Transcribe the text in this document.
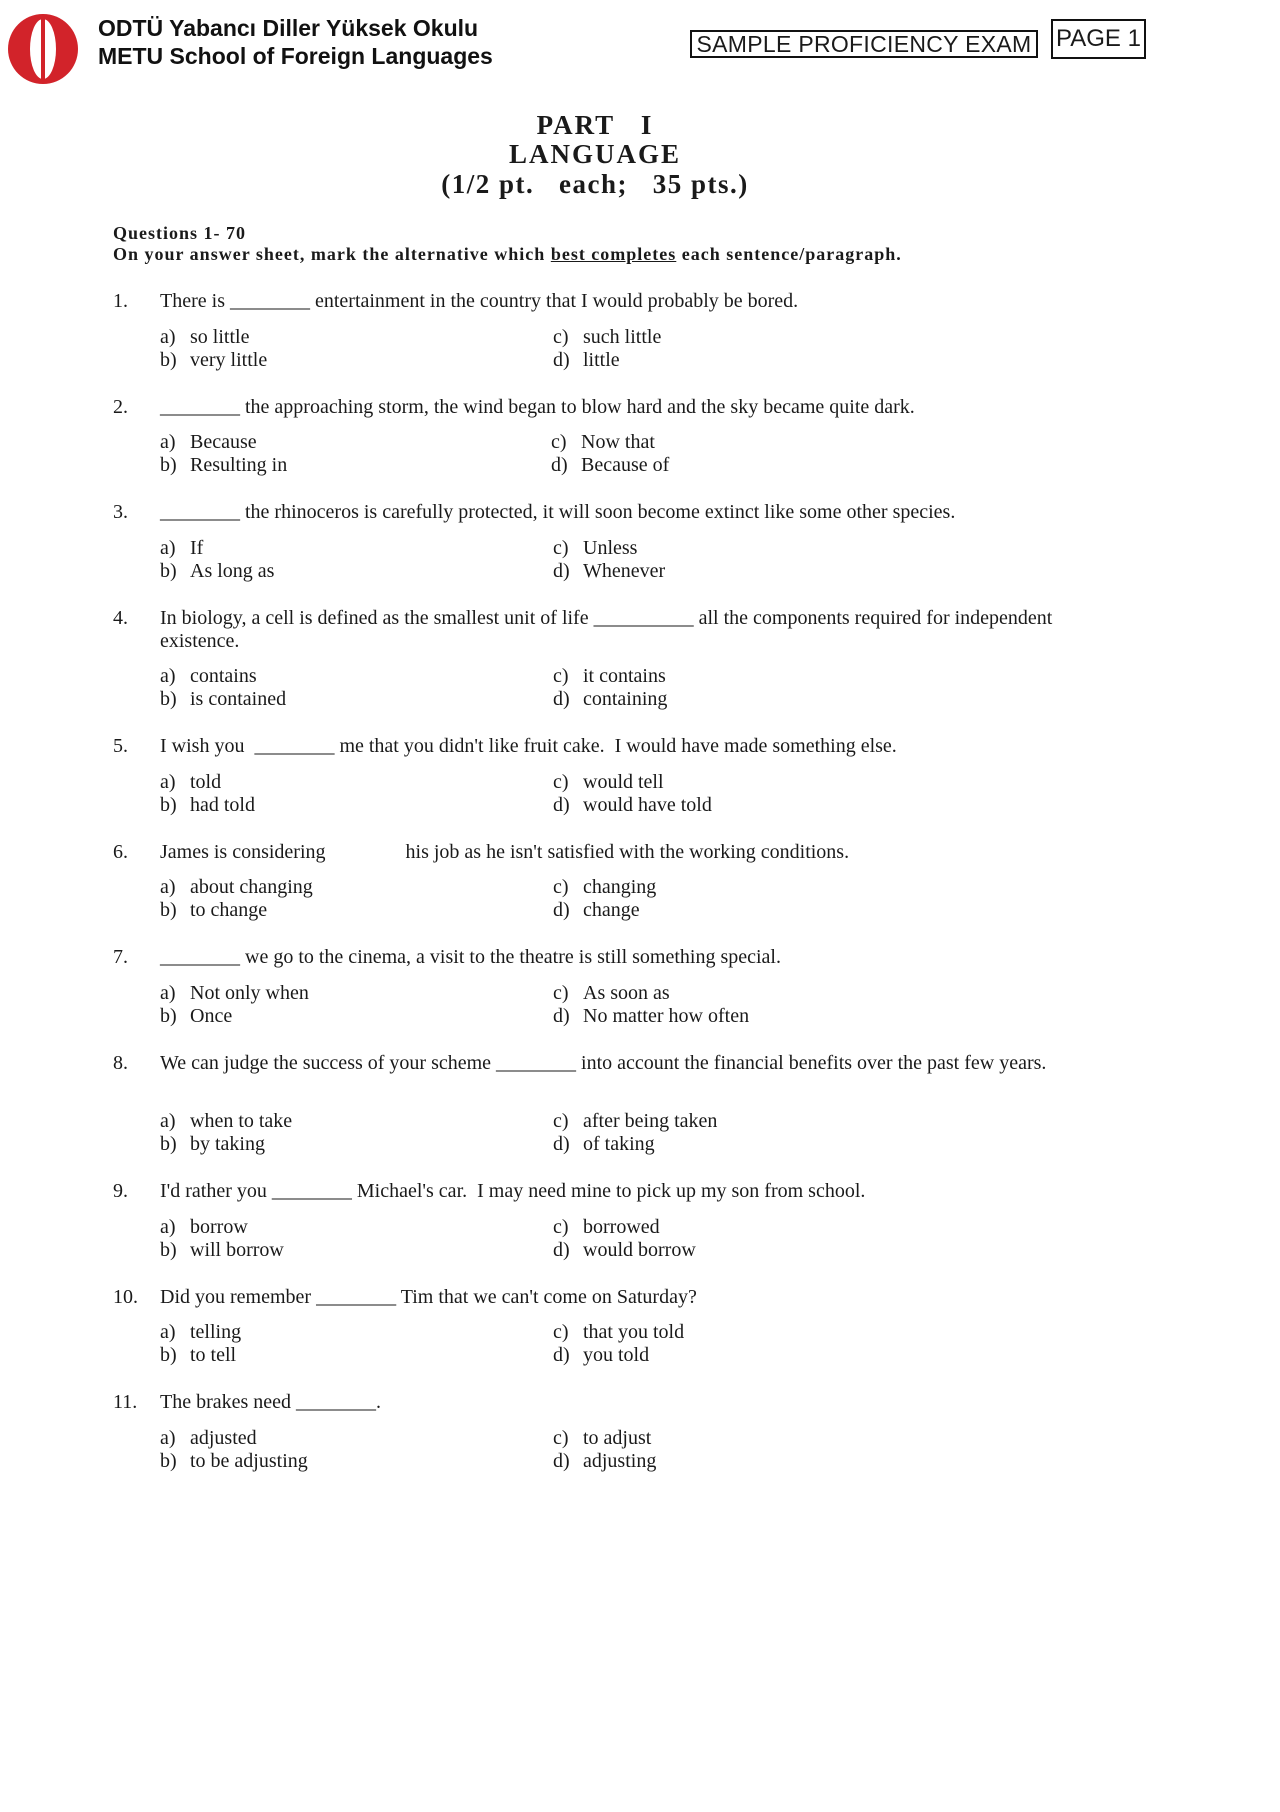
ODTÜ Yabancı Diller Yüksek Okulu
METU School of Foreign Languages	SAMPLE PROFICIENCY EXAM PAGE 1
PART   I
LANGUAGE
(1/2 pt.   each;   35 pts.)
Questions 1- 70
On your answer sheet, mark the alternative which best completes each sentence/paragraph.
1. There is ________ entertainment in the country that I would probably be bored.
a) so little
b) very little
c) such little
d) little
2. ________ the approaching storm, the wind began to blow hard and the sky became quite dark.
a) Because
b) Resulting in
c) Now that
d) Because of
3. ________ the rhinoceros is carefully protected, it will soon become extinct like some other species.
a) If
b) As long as
c) Unless
d) Whenever
4. In biology, a cell is defined as the smallest unit of life __________ all the components required for independent existence.
a) contains
b) is contained
c) it contains
d) containing
5. I wish you  ________ me that you didn't like fruit cake.  I would have made something else.
a) told
b) had told
c) would tell
d) would have told
6. James is considering                his job as he isn't satisfied with the working conditions.
a) about changing
b) to change
c) changing
d) change
7. ________ we go to the cinema, a visit to the theatre is still something special.
a) Not only when
b) Once
c) As soon as
d) No matter how often
8. We can judge the success of your scheme ________ into account the financial benefits over the past few years.
a) when to take
b) by taking
c) after being taken
d) of taking
9. I'd rather you ________ Michael's car.  I may need mine to pick up my son from school.
a) borrow
b) will borrow
c) borrowed
d) would borrow
10. Did you remember ________ Tim that we can't come on Saturday?
a) telling
b) to tell
c) that you told
d) you told
11. The brakes need ________.
a) adjusted
b) to be adjusting
c) to adjust
d) adjusting
